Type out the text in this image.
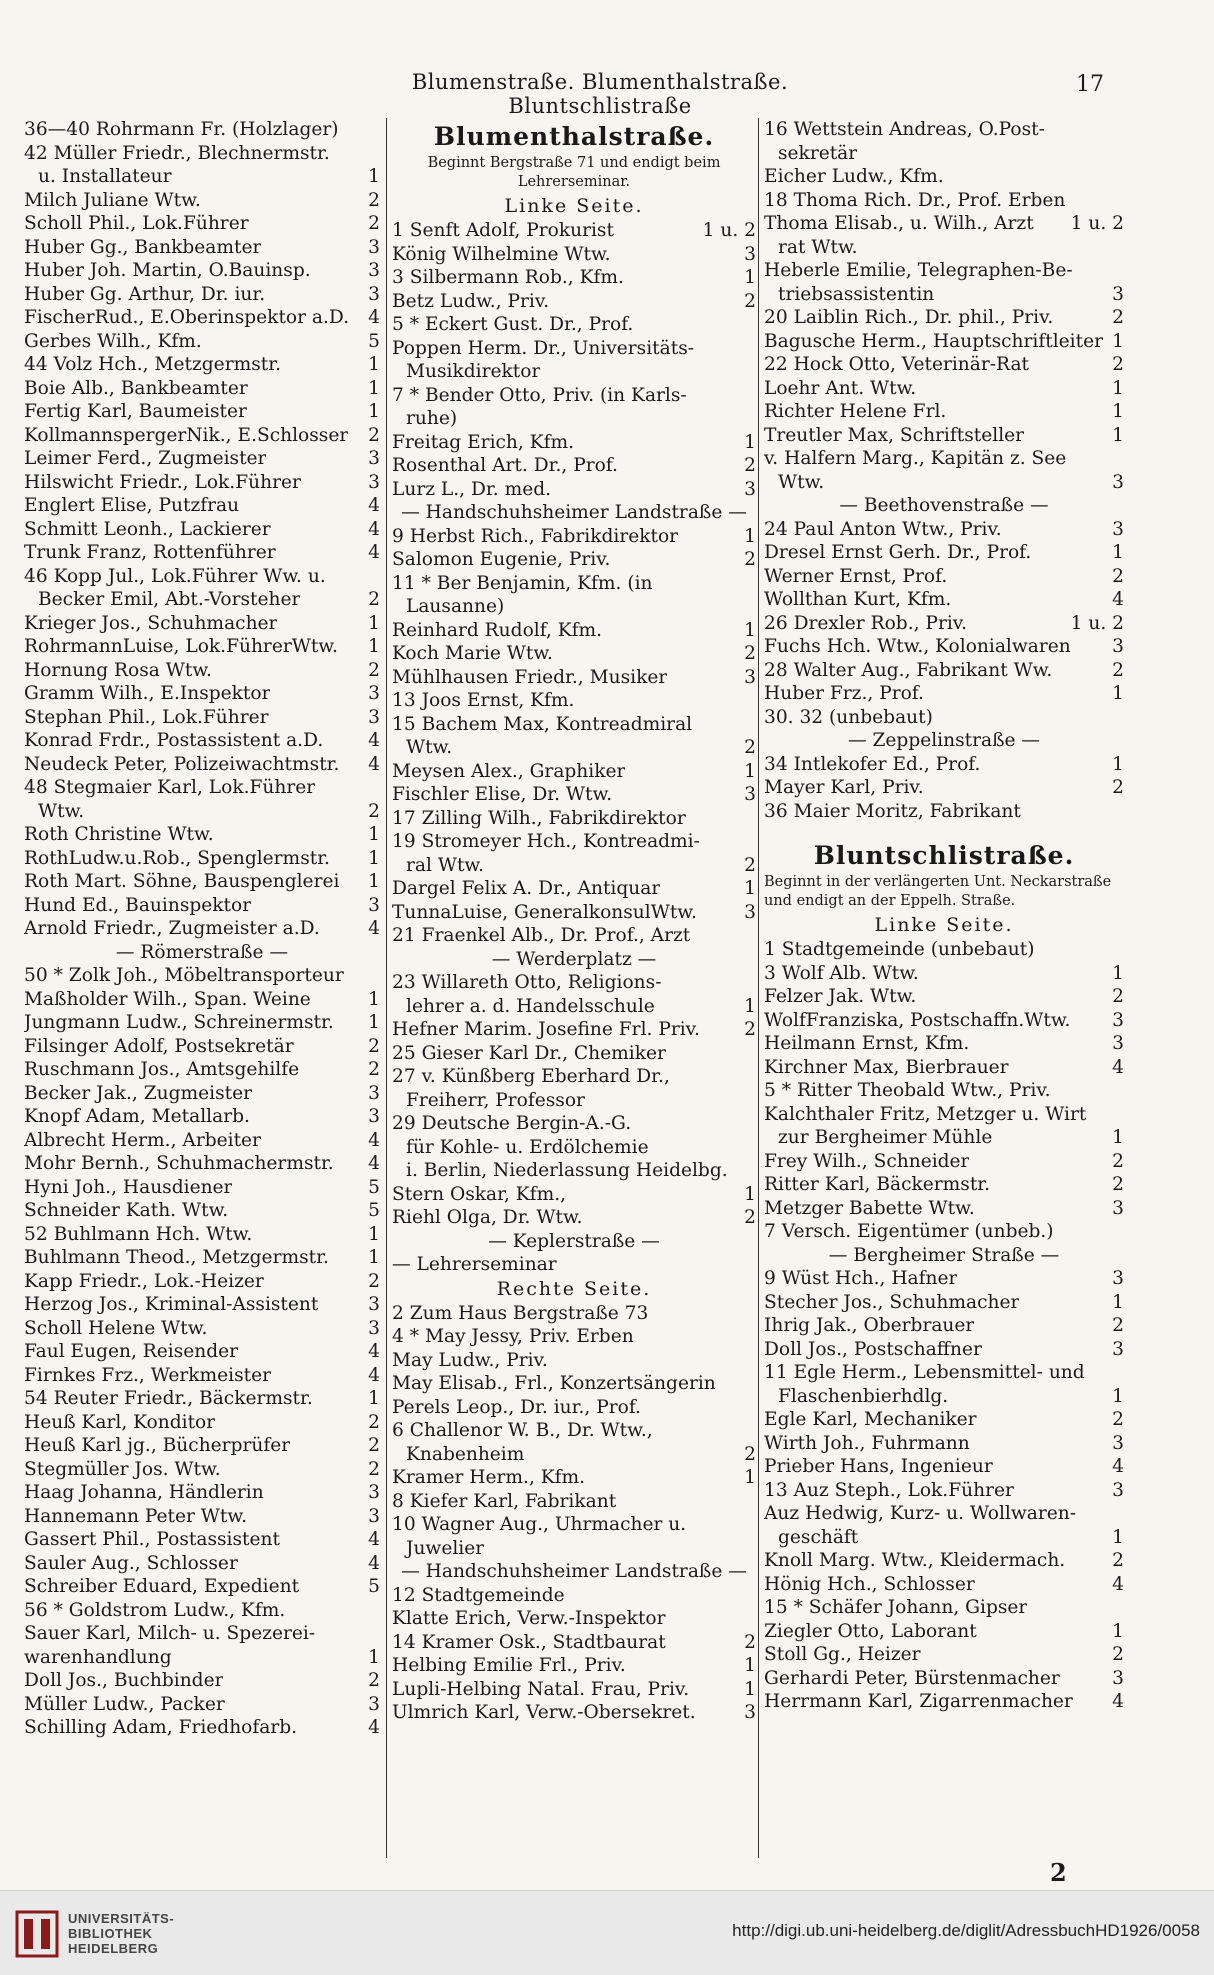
Blumenstraße. Blumenthalstraße. Bluntschlistraße
17
36—40 Rohrmann Fr. (Holzlager)
42 Müller Friedr., Blechnermstr.
u. Installateur	1
Milch Juliane Wtw.	2
Scholl Phil., Lok.Führer	2
Huber Gg., Bankbeamter	3
Huber Joh. Martin, O.Bauinsp.	3
Huber Gg. Arthur, Dr. iur.	3
FischerRud., E.Oberinspektor a.D. 4
Gerbes Wilh., Kfm.	5
44 Volz Hch., Metzgermstr.	1
Boie Alb., Bankbeamter	1
Fertig Karl, Baumeister	1
KollmannspergerNik., E.Schlosser 2
Leimer Ferd., Zugmeister	3
Hilswicht Friedr., Lok.Führer	3
Englert Elise, Putzfrau	4
Schmitt Leonh., Lackierer	4
Trunk Franz, Rottenführer	4
46 Kopp Jul., Lok.Führer Ww. u.
Becker Emil, Abt.-Vorsteher	2
Krieger Jos., Schuhmacher	1
RohrmannLuise, Lok.FührerWtw. 1
Hornung Rosa Wtw.	2
Gramm Wilh., E.Inspektor	3
Stephan Phil., Lok.Führer	3
Konrad Frdr., Postassistent a.D. 4
Neudeck Peter, Polizeiwachtmstr. 4
48 Stegmaier Karl, Lok.Führer
Wtw.	2
Roth Christine Wtw.	1
RothLudw.u.Rob., Spenglermstr. 1
Roth Mart. Söhne, Bauspenglerei 1
Hund Ed., Bauinspektor	3
Arnold Friedr., Zugmeister a.D.	4
— Römerstraße —
50 * Zolk Joh., Möbeltransporteur
Maßholder Wilh., Span. Weine	1
Jungmann Ludw., Schreinermstr. 1
Filsinger Adolf, Postsekretär	2
Ruschmann Jos., Amtsgehilfe	2
Becker Jak., Zugmeister	3
Knopf Adam, Metallarb.	3
Albrecht Herm., Arbeiter	4
Mohr Bernh., Schuhmachermstr. 4
Hyni Joh., Hausdiener	5
Schneider Kath. Wtw.	5
52 Buhlmann Hch. Wtw.	1
Buhlmann Theod., Metzgermstr. 1
Kapp Friedr., Lok.-Heizer	2
Herzog Jos., Kriminal-Assistent	3
Scholl Helene Wtw.	3
Faul Eugen, Reisender	4
Firnkes Frz., Werkmeister	4
54 Reuter Friedr., Bäckermstr.	1
Heuß Karl, Konditor	2
Heuß Karl jg., Bücherprüfer	2
Stegmüller Jos. Wtw.	2
Haag Johanna, Händlerin	3
Hannemann Peter Wtw.	3
Gassert Phil., Postassistent	4
Sauler Aug., Schlosser	4
Schreiber Eduard, Expedient	5
56 * Goldstrom Ludw., Kfm.
Sauer Karl, Milch- u. Spezerei-
warenhandlung	1
Doll Jos., Buchbinder	2
Müller Ludw., Packer	3
Schilling Adam, Friedhofarb.	4
Blumenthalstraße.
Beginnt Bergstraße 71 und endigt beim Lehrerseminar.
Linke Seite.
1 Senft Adolf, Prokurist	1 u. 2
König Wilhelmine Wtw.	3
3 Silbermann Rob., Kfm.	1
Betz Ludw., Priv.	2
5 * Eckert Gust. Dr., Prof.
Poppen Herm. Dr., Universitäts-
Musikdirektor
7 * Bender Otto, Priv. (in Karls-
ruhe)
Freitag Erich, Kfm.	1
Rosenthal Art. Dr., Prof.	2
Lurz L., Dr. med.	3
— Handschuhsheimer Landstraße —
9 Herbst Rich., Fabrikdirektor	1
Salomon Eugenie, Priv.	2
11 * Ber Benjamin, Kfm. (in
Lausanne)
Reinhard Rudolf, Kfm.	1
Koch Marie Wtw.	2
Mühlhausen Friedr., Musiker	3
13 Joos Ernst, Kfm.
15 Bachem Max, Kontreadmiral
Wtw.	2
Meysen Alex., Graphiker	1
Fischler Elise, Dr. Wtw.	3
17 Zilling Wilh., Fabrikdirektor
19 Stromeyer Hch., Kontreadmi-
ral Wtw.	2
Dargel Felix A. Dr., Antiquar	1
TunnaLuise, GeneralkonsulWtw.	3
21 Fraenkel Alb., Dr. Prof., Arzt
— Werderplatz —
23 Willareth Otto, Religions-
lehrer a. d. Handelsschule	1
Hefner Marim. Josefine Frl. Priv. 2
25 Gieser Karl Dr., Chemiker
27 v. Künßberg Eberhard Dr.,
Freiherr, Professor
29 Deutsche Bergin-A.-G.
für Kohle- u. Erdölchemie
i. Berlin, Niederlassung Heidelbg.
Stern Oskar, Kfm.,	1
Riehl Olga, Dr. Wtw.	2
— Keplerstraße —
— Lehrerseminar
Rechte Seite.
2 Zum Haus Bergstraße 73
4 * May Jessy, Priv. Erben
May Ludw., Priv.
May Elisab., Frl., Konzertsängerin
Perels Leop., Dr. iur., Prof.
6 Challenor W. B., Dr. Wtw.,
Knabenheim	2
Kramer Herm., Kfm.	1
8 Kiefer Karl, Fabrikant
10 Wagner Aug., Uhrmacher u.
Juwelier
— Handschuhsheimer Landstraße —
12 Stadtgemeinde
Klatte Erich, Verw.-Inspektor
14 Kramer Osk., Stadtbaurat	2
Helbing Emilie Frl., Priv.	1
Lupli-Helbing Natal. Frau, Priv.	1
Ulmrich Karl, Verw.-Obersekret.	3
16 Wettstein Andreas, O.Post-
sekretär
Eicher Ludw., Kfm.
18 Thoma Rich. Dr., Prof. Erben
Thoma Elisab., u. Wilh., Arzt 1 u. 2
rat Wtw.
Heberle Emilie, Telegraphen-Be-
triebsassistentin	3
20 Laiblin Rich., Dr. phil., Priv.	2
Bagusche Herm., Hauptschriftleiter 1
22 Hock Otto, Veterinär-Rat	2
Loehr Ant. Wtw.	1
Richter Helene Frl.	1
Treutler Max, Schriftsteller	1
v. Halfern Marg., Kapitän z. See
Wtw.	3
— Beethovenstraße —
24 Paul Anton Wtw., Priv.	3
Dresel Ernst Gerh. Dr., Prof.	1
Werner Ernst, Prof.	2
Wollthan Kurt, Kfm.	4
26 Drexler Rob., Priv.	1 u. 2
Fuchs Hch. Wtw., Kolonialwaren 3
28 Walter Aug., Fabrikant Ww.	2
Huber Frz., Prof.	1
30. 32 (unbebaut)
— Zeppelinstraße —
34 Intlekofer Ed., Prof.	1
Mayer Karl, Priv.	2
36 Maier Moritz, Fabrikant
Bluntschlistraße.
Beginnt in der verlängerten Unt. Neckarstraße und endigt an der Eppelh. Straße.
Linke Seite.
1 Stadtgemeinde (unbebaut)
3 Wolf Alb. Wtw.	1
Felzer Jak. Wtw.	2
WolfFranziska, Postschaffn.Wtw. 3
Heilmann Ernst, Kfm.	3
Kirchner Max, Bierbrauer	4
5 * Ritter Theobald Wtw., Priv.
Kalchthaler Fritz, Metzger u. Wirt
zur Bergheimer Mühle	1
Frey Wilh., Schneider	2
Ritter Karl, Bäckermstr.	2
Metzger Babette Wtw.	3
7 Versch. Eigentümer (unbeb.)
— Bergheimer Straße —
9 Wüst Hch., Hafner	3
Stecher Jos., Schuhmacher	1
Ihrig Jak., Oberbrauer	2
Doll Jos., Postschaffner	3
11 Egle Herm., Lebensmittel- und
Flaschenbierhdlg.	1
Egle Karl, Mechaniker	2
Wirth Joh., Fuhrmann	3
Prieber Hans, Ingenieur	4
13 Auz Steph., Lok.Führer	3
Auz Hedwig, Kurz- u. Wollwaren-
geschäft	1
Knoll Marg. Wtw., Kleidermach.	2
Hönig Hch., Schlosser	4
15 * Schäfer Johann, Gipser
Ziegler Otto, Laborant	1
Stoll Gg., Heizer	2
Gerhardi Peter, Bürstenmacher	3
Herrmann Karl, Zigarrenmacher 4
2
UNIVERSITÄTS-
BIBLIOTHEK
HEIDELBERG
http://digi.ub.uni-heidelberg.de/diglit/AdressbuchHD1926/0058
